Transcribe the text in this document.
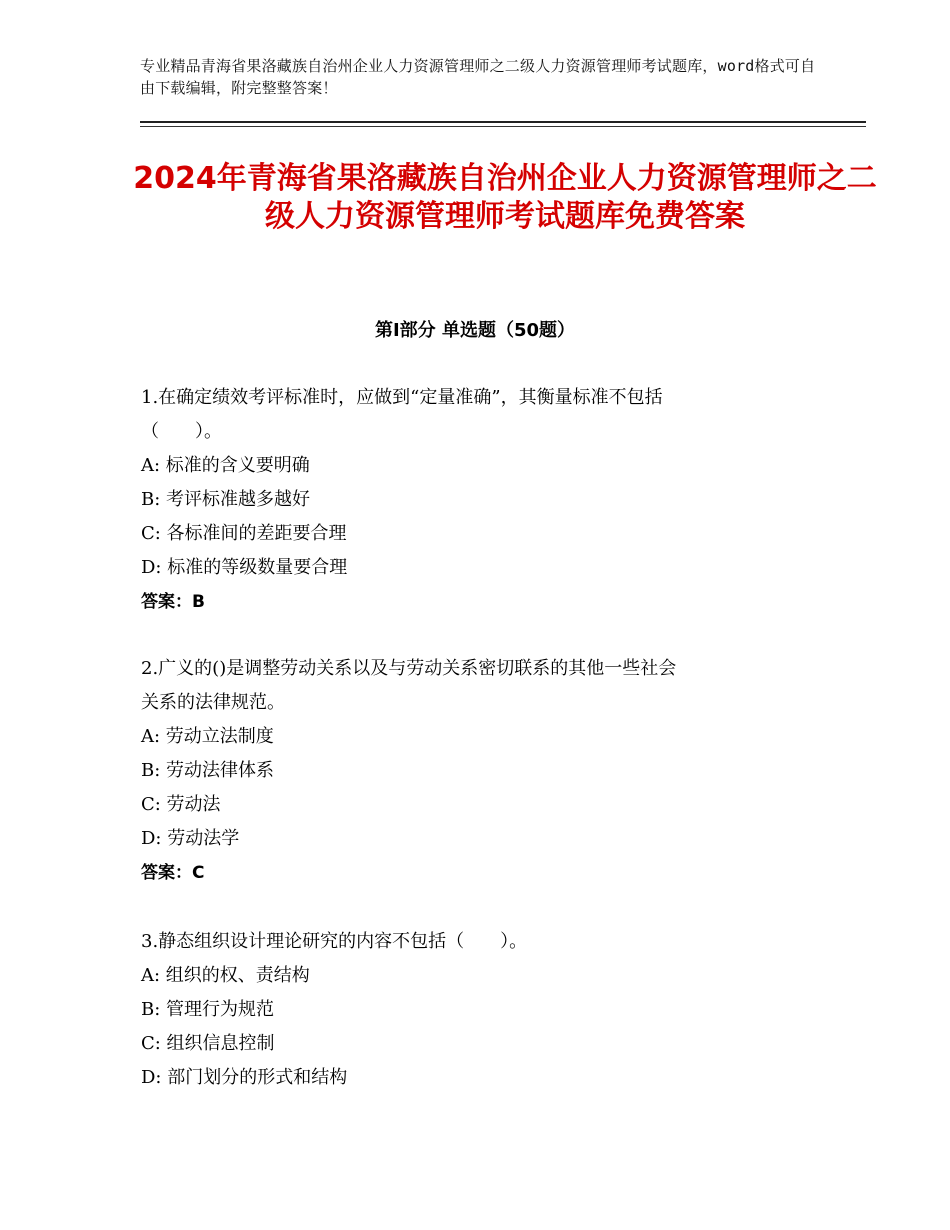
专业精品青海省果洛藏族自治州企业人力资源管理师之二级人力资源管理师考试题库，word格式可自由下载编辑，附完整整答案！
2024年青海省果洛藏族自治州企业人力资源管理师之二级人力资源管理师考试题库免费答案
第Ⅰ部分 单选题（50题）
1.在确定绩效考评标准时，应做到“定量准确”，其衡量标准不包括
（　　）。
A: 标准的含义要明确
B: 考评标准越多越好
C: 各标准间的差距要合理
D: 标准的等级数量要合理
答案：B
2.广义的()是调整劳动关系以及与劳动关系密切联系的其他一些社会
关系的法律规范。
A: 劳动立法制度
B: 劳动法律体系
C: 劳动法
D: 劳动法学
答案：C
3.静态组织设计理论研究的内容不包括（　　）。
A: 组织的权、责结构
B: 管理行为规范
C: 组织信息控制
D: 部门划分的形式和结构
